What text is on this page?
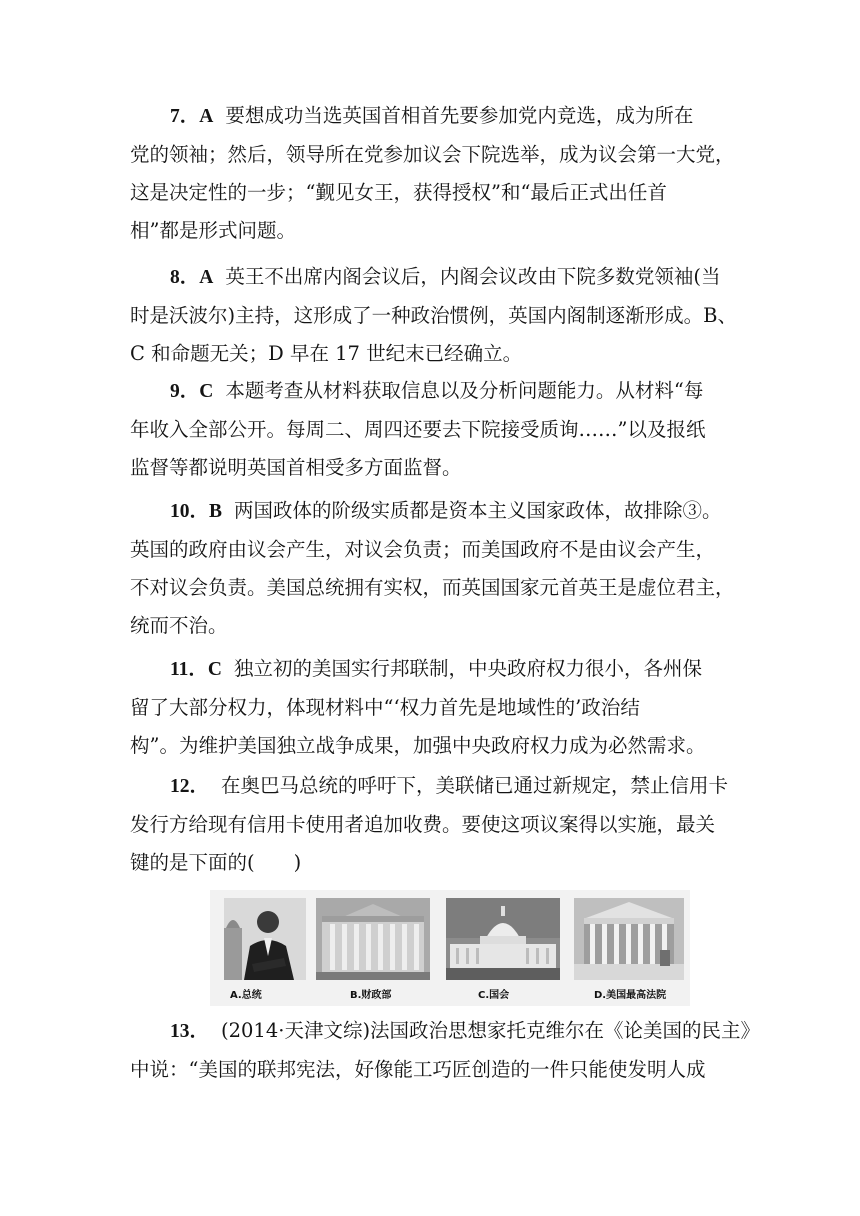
7．A 要想成功当选英国首相首先要参加党内竞选，成为所在
党的领袖；然后，领导所在党参加议会下院选举，成为议会第一大党，
这是决定性的一步；“觐见女王，获得授权”和“最后正式出任首
相”都是形式问题。
8．A 英王不出席内阁会议后，内阁会议改由下院多数党领袖(当
时是沃波尔)主持，这形成了一种政治惯例，英国内阁制逐渐形成。B、
C 和命题无关；D 早在 17 世纪末已经确立。
9．C 本题考查从材料获取信息以及分析问题能力。从材料“每
年收入全部公开。每周二、周四还要去下院接受质询……”以及报纸
监督等都说明英国首相受多方面监督。
10．B 两国政体的阶级实质都是资本主义国家政体，故排除③。
英国的政府由议会产生，对议会负责；而美国政府不是由议会产生，
不对议会负责。美国总统拥有实权，而英国国家元首英王是虚位君主，
统而不治。
11．C 独立初的美国实行邦联制，中央政府权力很小，各州保
留了大部分权力，体现材料中“‘权力首先是地域性的’政治结
构”。为维护美国独立战争成果，加强中央政府权力成为必然需求。
12． 在奥巴马总统的呼吁下，美联储已通过新规定，禁止信用卡
发行方给现有信用卡使用者追加收费。要使这项议案得以实施，最关
键的是下面的(　　)
A.总统	B.财政部	C.国会	D.美国最高法院
13． (2014·天津文综)法国政治思想家托克维尔在《论美国的民主》
中说：“美国的联邦宪法，好像能工巧匠创造的一件只能使发明人成
